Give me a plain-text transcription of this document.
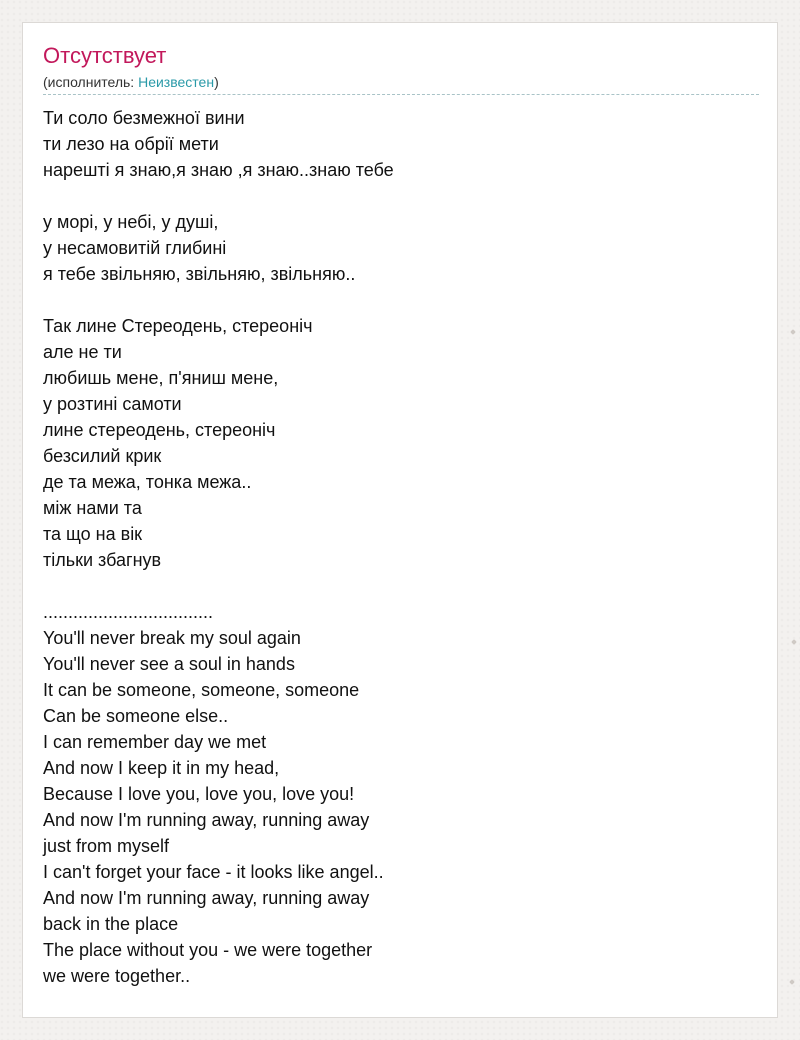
Отсутствует
(исполнитель: Неизвестен)
Ти соло безмежної вини
ти лезо на обрії мети
нарешті я знаю,я знаю ,я знаю..знаю тебе
у морі, у небі, у душі,
у несамовитій глибині
я тебе звільняю, звільняю, звільняю..
Так лине Стереодень, стереоніч
але не ти
любишь мене, п'яниш мене,
у розтині самоти
лине стереодень, стереоніч
безсилий крик
де та межа, тонка межа..
між нами та
та що на вік
тільки збагнув
..................................
You'll never break my soul again
You'll never see a soul in hands
It can be someone, someone, someone
Can be someone else..
I can remember day we met
And now I keep it in my head,
Because I love you, love you, love you!
And now I'm running away, running away
just from myself
I can't forget your face - it looks like angel..
And now I'm running away, running away
back in the place
The place without you - we were together
we were together..
